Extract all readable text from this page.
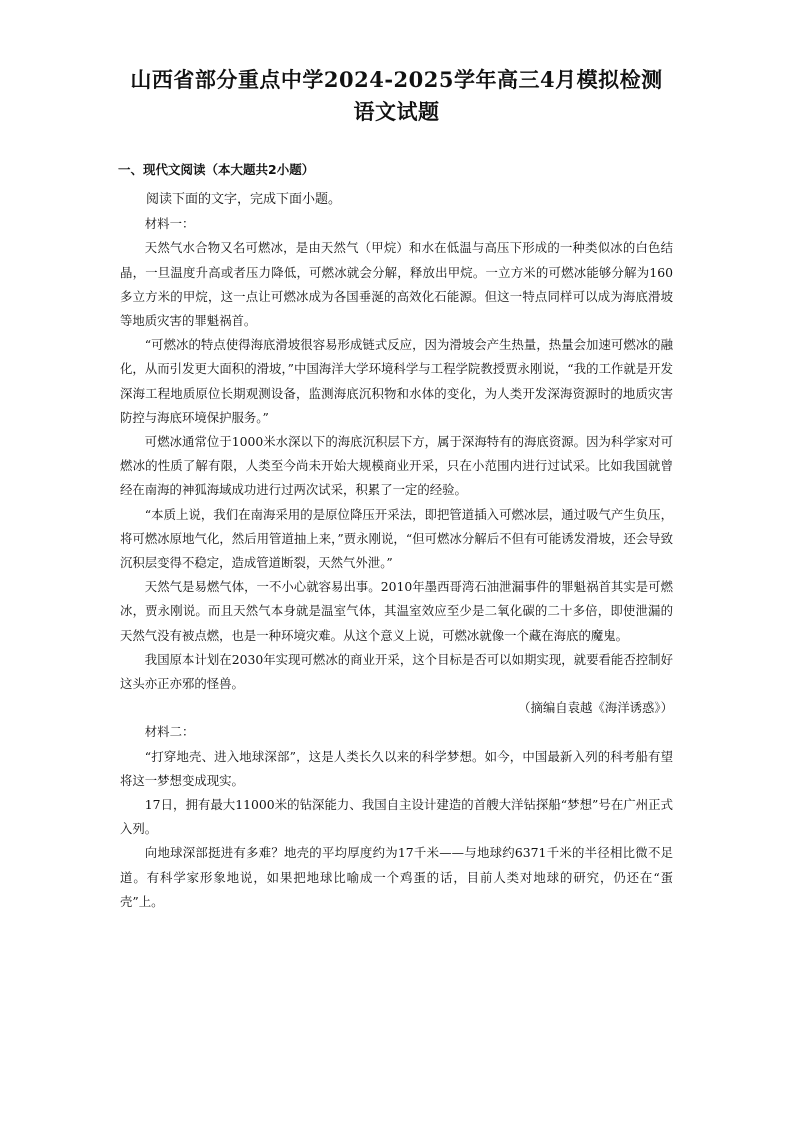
山西省部分重点中学2024-2025学年高三4月模拟检测语文试题
一、现代文阅读（本大题共2小题）

阅读下面的文字，完成下面小题。

材料一：

天然气水合物又名可燃冰，是由天然气（甲烷）和水在低温与高压下形成的一种类似冰的白色结晶，一旦温度升高或者压力降低，可燃冰就会分解，释放出甲烷。一立方米的可燃冰能够分解为160多立方米的甲烷，这一点让可燃冰成为各国垂涎的高效化石能源。但这一特点同样可以成为海底滑坡等地质灾害的罪魁祸首。

“可燃冰的特点使得海底滑坡很容易形成链式反应，因为滑坡会产生热量，热量会加速可燃冰的融化，从而引发更大面积的滑坡，”中国海洋大学环境科学与工程学院教授贾永刚说，“我的工作就是开发深海工程地质原位长期观测设备，监测海底沉积物和水体的变化，为人类开发深海资源时的地质灾害防控与海底环境保护服务。”

可燃冰通常位于1000米水深以下的海底沉积层下方，属于深海特有的海底资源。因为科学家对可燃冰的性质了解有限，人类至今尚未开始大规模商业开采，只在小范围内进行过试采。比如我国就曾经在南海的神狐海域成功进行过两次试采，积累了一定的经验。

“本质上说，我们在南海采用的是原位降压开采法，即把管道插入可燃冰层，通过吸气产生负压，将可燃冰原地气化，然后用管道抽上来，”贾永刚说，“但可燃冰分解后不但有可能诱发滑坡，还会导致沉积层变得不稳定，造成管道断裂，天然气外泄。”

天然气是易燃气体，一不小心就容易出事。2010年墨西哥湾石油泄漏事件的罪魁祸首其实是可燃冰，贾永刚说。而且天然气本身就是温室气体，其温室效应至少是二氧化碳的二十多倍，即使泄漏的天然气没有被点燃，也是一种环境灾难。从这个意义上说，可燃冰就像一个藏在海底的魔鬼。

我国原本计划在2030年实现可燃冰的商业开采，这个目标是否可以如期实现，就要看能否控制好这头亦正亦邪的怪兽。

（摘编自袁越《海洋诱惑》）

材料二：

“打穿地壳、进入地球深部”，这是人类长久以来的科学梦想。如今，中国最新入列的科考船有望将这一梦想变成现实。

17日，拥有最大11000米的钻深能力、我国自主设计建造的首艘大洋钻探船“梦想”号在广州正式入列。

向地球深部挺进有多难？地壳的平均厚度约为17千米——与地球约6371千米的半径相比微不足道。有科学家形象地说，如果把地球比喻成一个鸡蛋的话，目前人类对地球的研究，仍还在“蛋壳”上。
